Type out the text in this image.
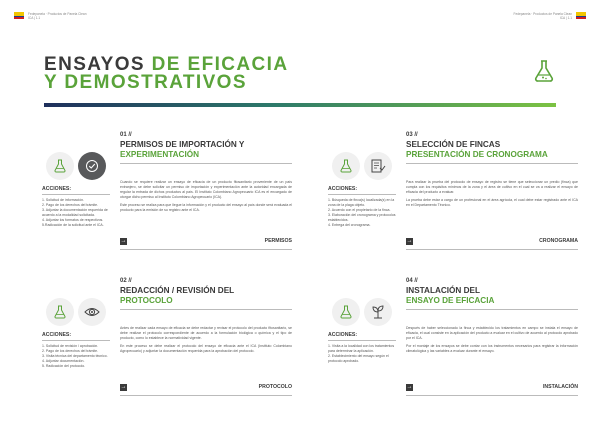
Fedepanela · Productos de Panela Clean
ICA | 1.1
Fedepanela · Productos de Panela Clean
ICA | 1.1
ENSAYOS DE EFICACIA
Y DEMOSTRATIVOS
01 //
PERMISOS DE IMPORTACIÓN Y
EXPERIMENTACIÓN
ACCIONES:
1. Solicitud de información.
2. Pago de los derechos del trámite.
3. Adjuntar la documentación requerida de acuerdo a la modalidad solicitada.
4. Adjuntar los formatos de respectivos.
5.Radicación de la solicitud ante el ICA.

Cuando se requiere realizar un ensayo de eficacia de un producto fitosanitario proveniente de un país extranjero, se debe solicitar un permiso de importación y experimentación ante la autoridad encargada de regular la entrada de dichos productos al país. El Instituto Colombiano Agropecuario ICA es el encargado de otorgar dicho permiso al Instituto Colombiano Agropecuario (ICA).

Este proceso se realiza para que llegue la información y el producto del ensayo al país donde será evaluada el producto para la emisión de su registro ante el ICA.

→	PERMISOS
02 //
REDACCIÓN / REVISIÓN DEL
PROTOCOLO
ACCIONES:
1. Solicitud de revisión / aprobación.
2. Pago de los derechos del trámite.
3. Visita técnica del departamento técnico.
4. Adjuntar documentación.
5. Radicación del protocolo.

Antes de realizar cada ensayo de eficacia se debe redactar y revisar el protocolo del producto fitosanitario, se debe realizar el protocolo correspondiente de acuerdo a la formulación biológica o química y el tipo de producto, como lo establece la normatividad vigente.

En este proceso se debe realizar el protocolo del ensayo de eficacia ante el ICA (Instituto Colombiano Agropecuario) y adjuntar la documentación requerida para la aprobación del protocolo.

→	PROTOCOLO
03 //
SELECCIÓN DE FINCAS
PRESENTACIÓN DE CRONOGRAMA
ACCIONES:
1. Búsqueda de finca(s) localizada(s) en la zona de la plaga objeto.
2. Acuerdo con el propietario de la finca.
3. Elaboración del cronograma y protocolos establecidos.
4. Entrega del cronograma.

Para realizar la prueba del protocolo de ensayo de registro se tiene que seleccionar un predio (finca) que cumpla con los requisitos mínimos de la zona y el área de cultivo en el cual se va a realizar el ensayo de eficacia del producto a evaluar.

La prueba debe estar a cargo de un profesional en el área agrícola, el cual debe estar registrado ante el ICA en el Departamento Técnico.

→	CRONOGRAMA
04 //
INSTALACIÓN DEL
ENSAYO DE EFICACIA
ACCIONES:
1. Visita a la localidad con los tratamientos para determinar la aplicación.
2. Establecimiento del ensayo según el protocolo aprobado.

Después de haber seleccionado la finca y establecido los tratamientos en campo se instala el ensayo de eficacia, el cual consiste en la aplicación del producto a evaluar en el cultivo de acuerdo al protocolo aprobado por el ICA.

Por el montaje de los ensayos se debe contar con los instrumentos necesarios para registrar la información climatológica y las variables a evaluar durante el ensayo.

→	INSTALACIÓN
